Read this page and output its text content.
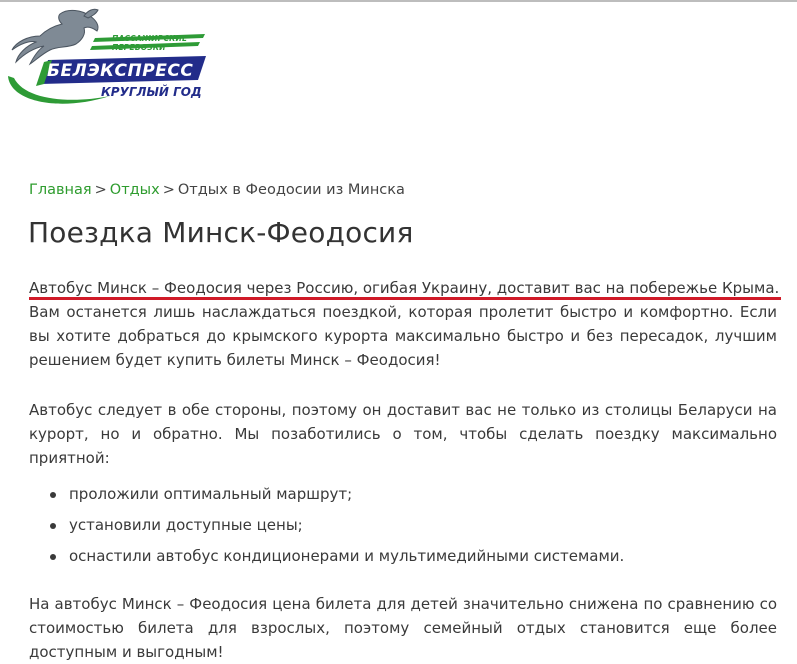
ПАССАЖИРСКИЕ ПЕРЕВОЗКИ
БЕЛЭКСПРЕСС
КРУГЛЫЙ ГОД
Главная > Отдых > Отдых в Феодосии из Минска
Поездка Минск-Феодосия

Автобус Минск – Феодосия через Россию, огибая Украину, доставит вас на побережье Крыма.
Вам останется лишь наслаждаться поездкой, которая пролетит быстро и комфортно. Если вы хотите добраться до крымского курорта максимально быстро и без пересадок, лучшим решением будет купить билеты Минск – Феодосия!

Автобус следует в обе стороны, поэтому он доставит вас не только из столицы Беларуси на курорт, но и обратно. Мы позаботились о том, чтобы сделать поездку максимально приятной:

проложили оптимальный маршрут;
установили доступные цены;
оснастили автобус кондиционерами и мультимедийными системами.

На автобус Минск – Феодосия цена билета для детей значительно снижена по сравнению со стоимостью билета для взрослых, поэтому семейный отдых становится еще более доступным и выгодным!
